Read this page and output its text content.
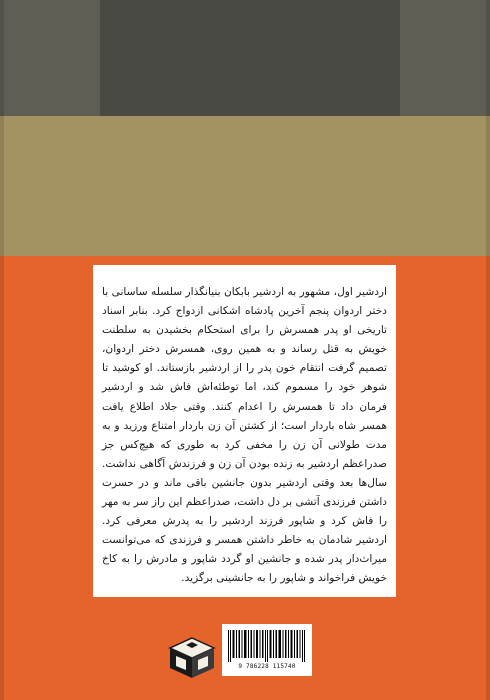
اردشیر اول، مشهور به اردشیر بابکان بنیانگذار سلسله ساسانی با دختر اردوان پنجم آخرین پادشاه اشکانی ازدواج کرد. بنابر اسناد تاریخی او پدر همسرش را برای استحکام بخشیدن به سلطنت خویش به قتل رساند و به همین روی، همسرش دختر اردوان، تصمیم گرفت انتقام خون پدر را از اردشیر بازستاند. او کوشید تا شوهر خود را مسموم کند، اما توطئه‌اش فاش شد و اردشیر فرمان داد تا همسرش را اعدام کنند. وقتی جلاد اطلاع یافت همسر شاه باردار است؛ از کشتن آن زن باردار امتناع ورزید و به مدت طولانی آن زن را مخفی کرد به طوری که هیچ‌کس جز صدراعظم اردشیر به زنده بودن آن زن و فرزندش آگاهی نداشت. سال‌ها بعد وقتی اردشیر بدون جانشین باقی ماند و در حسرت داشتن فرزندی آتشی بر دل داشت، صدراعظم این راز سر به مهر را فاش کرد و شاپور فرزند اردشیر را به پدرش معرفی کرد. اردشیر شادمان به خاطر داشتن همسر و فرزندی که می‌توانست میراث‌دار پدر شده و جانشین او گردد شاپور و مادرش را به کاخ خویش فراخواند و شاپور را به جانشینی برگزید.
9 786228 115740
